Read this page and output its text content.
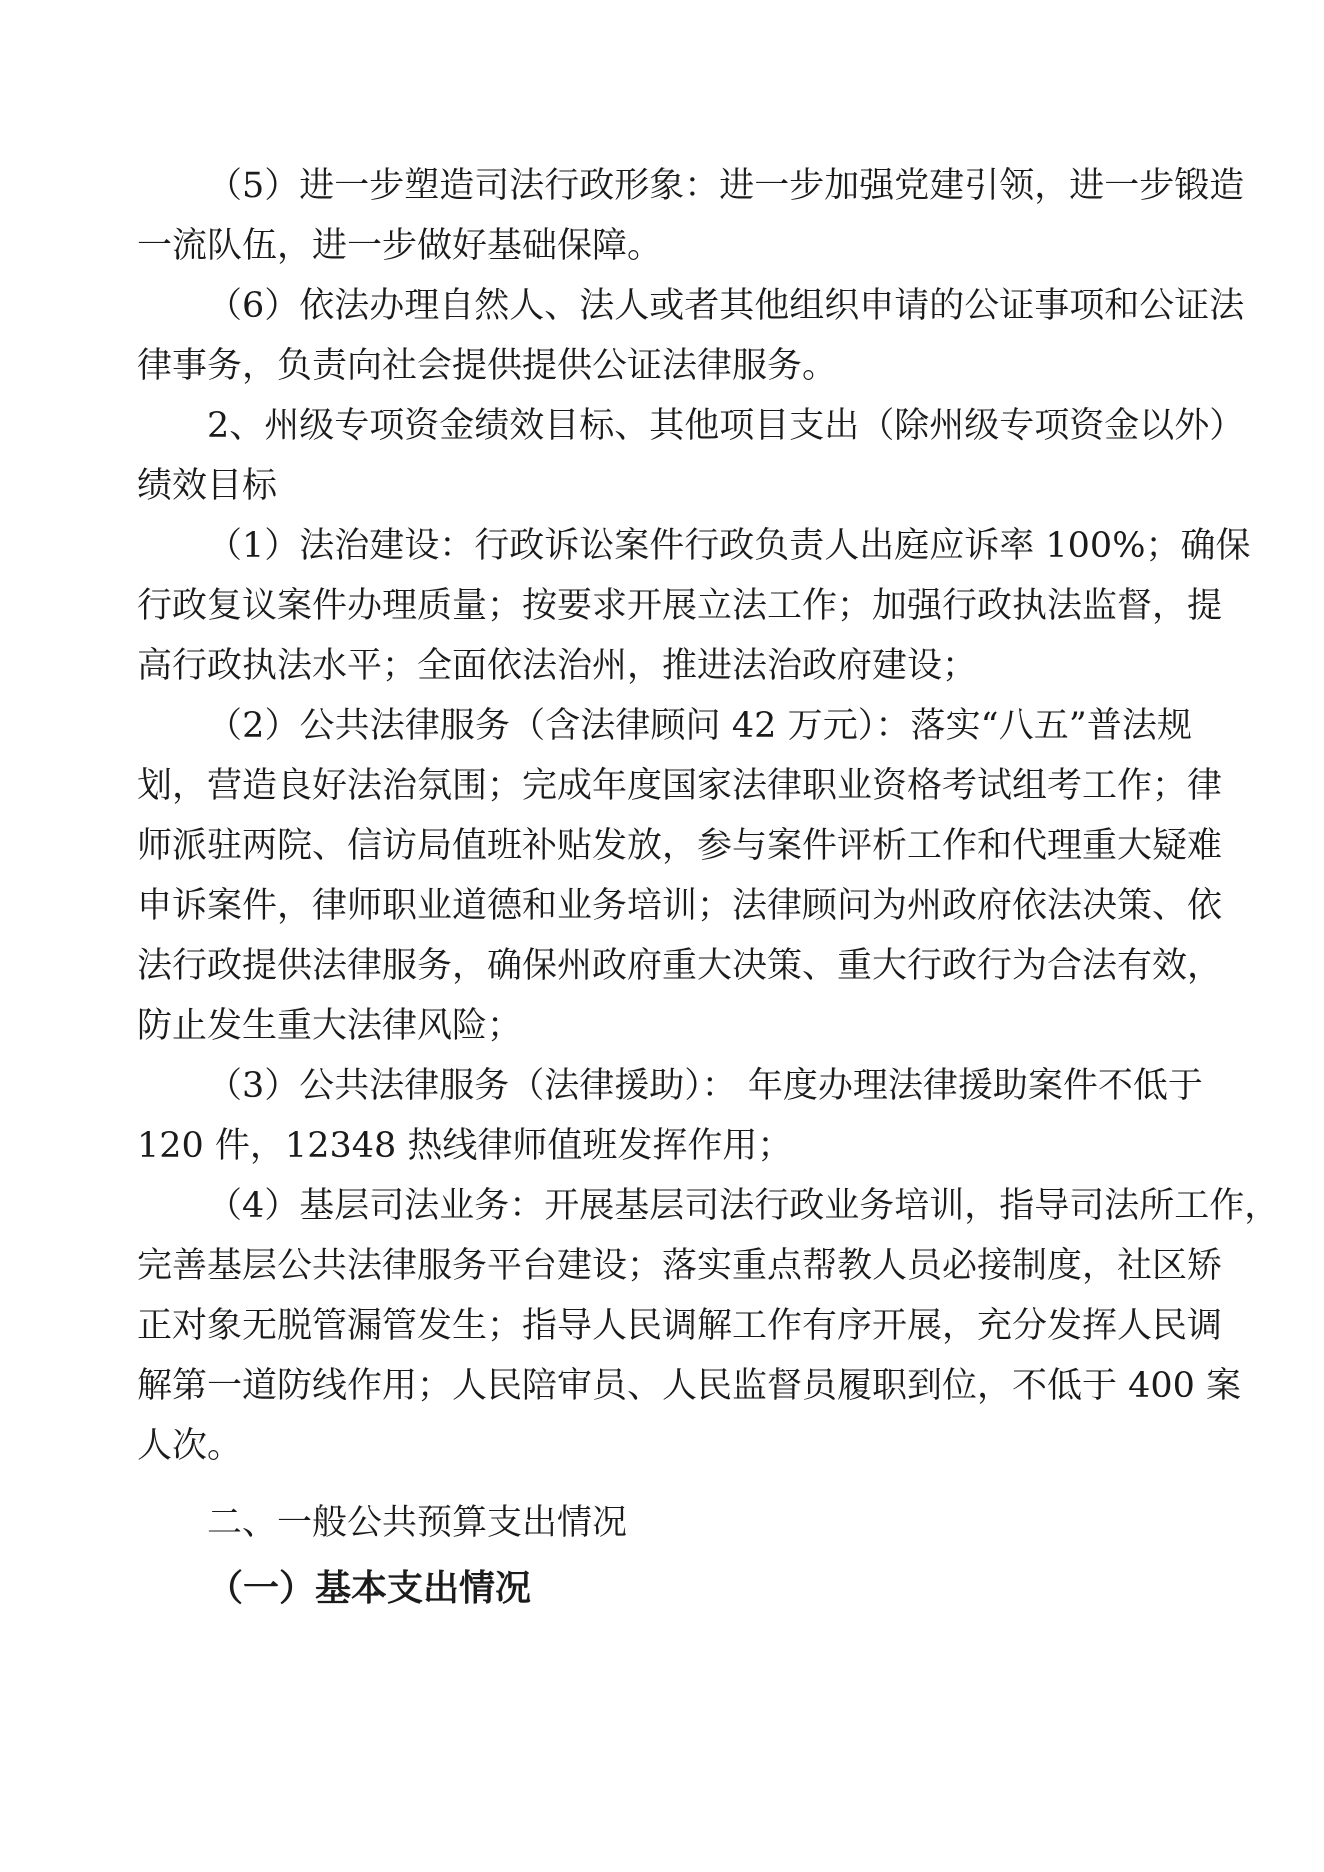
（5）进一步塑造司法行政形象：进一步加强党建引领，进一步锻造
一流队伍，进一步做好基础保障。
（6）依法办理自然人、法人或者其他组织申请的公证事项和公证法
律事务，负责向社会提供提供公证法律服务。
2、州级专项资金绩效目标、其他项目支出（除州级专项资金以外）
绩效目标
（1）法治建设：行政诉讼案件行政负责人出庭应诉率 100%；确保
行政复议案件办理质量；按要求开展立法工作；加强行政执法监督，提
高行政执法水平；全面依法治州，推进法治政府建设；
（2）公共法律服务（含法律顾问 42 万元）：落实“八五”普法规
划，营造良好法治氛围；完成年度国家法律职业资格考试组考工作；律
师派驻两院、信访局值班补贴发放，参与案件评析工作和代理重大疑难
申诉案件，律师职业道德和业务培训；法律顾问为州政府依法决策、依
法行政提供法律服务，确保州政府重大决策、重大行政行为合法有效，
防止发生重大法律风险；
（3）公共法律服务（法律援助）： 年度办理法律援助案件不低于
120 件，12348 热线律师值班发挥作用；
（4）基层司法业务：开展基层司法行政业务培训，指导司法所工作，
完善基层公共法律服务平台建设；落实重点帮教人员必接制度，社区矫
正对象无脱管漏管发生；指导人民调解工作有序开展，充分发挥人民调
解第一道防线作用；人民陪审员、人民监督员履职到位，不低于 400 案
人次。
二、一般公共预算支出情况
（一）基本支出情况
